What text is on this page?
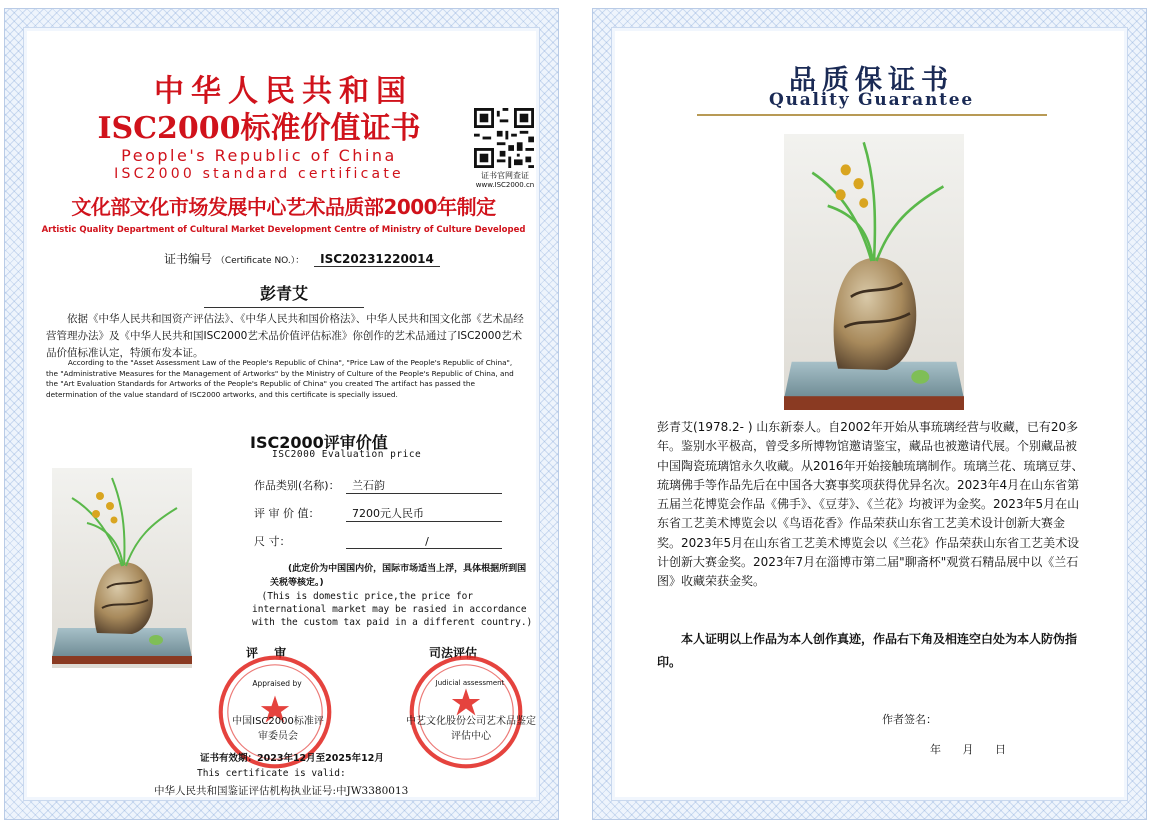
中华人民共和国
ISC2000标准价值证书
People's Republic of China
ISC2000 standard certificate	证书官网查证
www.ISC2000.cn
文化部文化市场发展中心艺术品质部2000年制定
Artistic Quality Department of Cultural Market Development Centre of Ministry of Culture Developed
证书编号 （Certificate NO.）： ISC20231220014
彭青艾
依据《中华人民共和国资产评估法》、《中华人民共和国价格法》、中华人民共和国文化部《艺术品经营管理办法》及《中华人民共和国ISC2000艺术品价值评估标准》你创作的艺术品通过了ISC2000艺术品价值标准认定，特颁布发本证。
According to the "Asset Assessment Law of the People's Republic of China", "Price Law of the People's Republic of China", the "Administrative Measures for the Management of Artworks" by the Ministry of Culture of the People's Republic of China, and the "Art Evaluation Standards for Artworks of the People's Republic of China" you created The artifact has passed the determination of the value standard of ISC2000 artworks, and this certificate is specially issued.
ISC2000评审价值
ISC2000 Evaluation price
作品类别(名称)： 兰石韵
评 审 价 值：	7200元人民币
尺 寸：	/
(此定价为中国国内价，国际市场适当上浮，具体根据所到国关税等核定。)
(This is domestic price,the price for international market may be rasied in accordance with the custom tax paid in a different country.)
评 审	司法评估
Appraised by	Judicial assessment
中国ISC2000标准评审委员会
中艺文化股份公司艺术品鉴定评估中心
证书有效期：2023年12月至2025年12月
This certificate is valid:
中华人民共和国鉴证评估机构执业证号:中JW3380013
品质保证书
Quality Guarantee
彭青艾(1978.2- ) 山东新泰人。自2002年开始从事琉璃经营与收藏，已有20多年。鉴别水平极高，曾受多所博物馆邀请鉴宝，藏品也被邀请代展。个别藏品被中国陶瓷琉璃馆永久收藏。从2016年开始接触琉璃制作。琉璃兰花、琉璃豆芽、琉璃佛手等作品先后在中国各大赛事奖项获得优异名次。2023年4月在山东省第五届兰花博览会作品《佛手》、《豆芽》、《兰花》均被评为金奖。2023年5月在山东省工艺美术博览会以《鸟语花香》作品荣获山东省工艺美术设计创新大赛金奖。2023年5月在山东省工艺美术博览会以《兰花》作品荣获山东省工艺美术设计创新大赛金奖。2023年7月在淄博市第二届"聊斋杯"观赏石精品展中以《兰石图》收藏荣获金奖。
本人证明以上作品为本人创作真迹，作品右下角及相连空白处为本人防伪指印。
作者签名：
年 月 日
